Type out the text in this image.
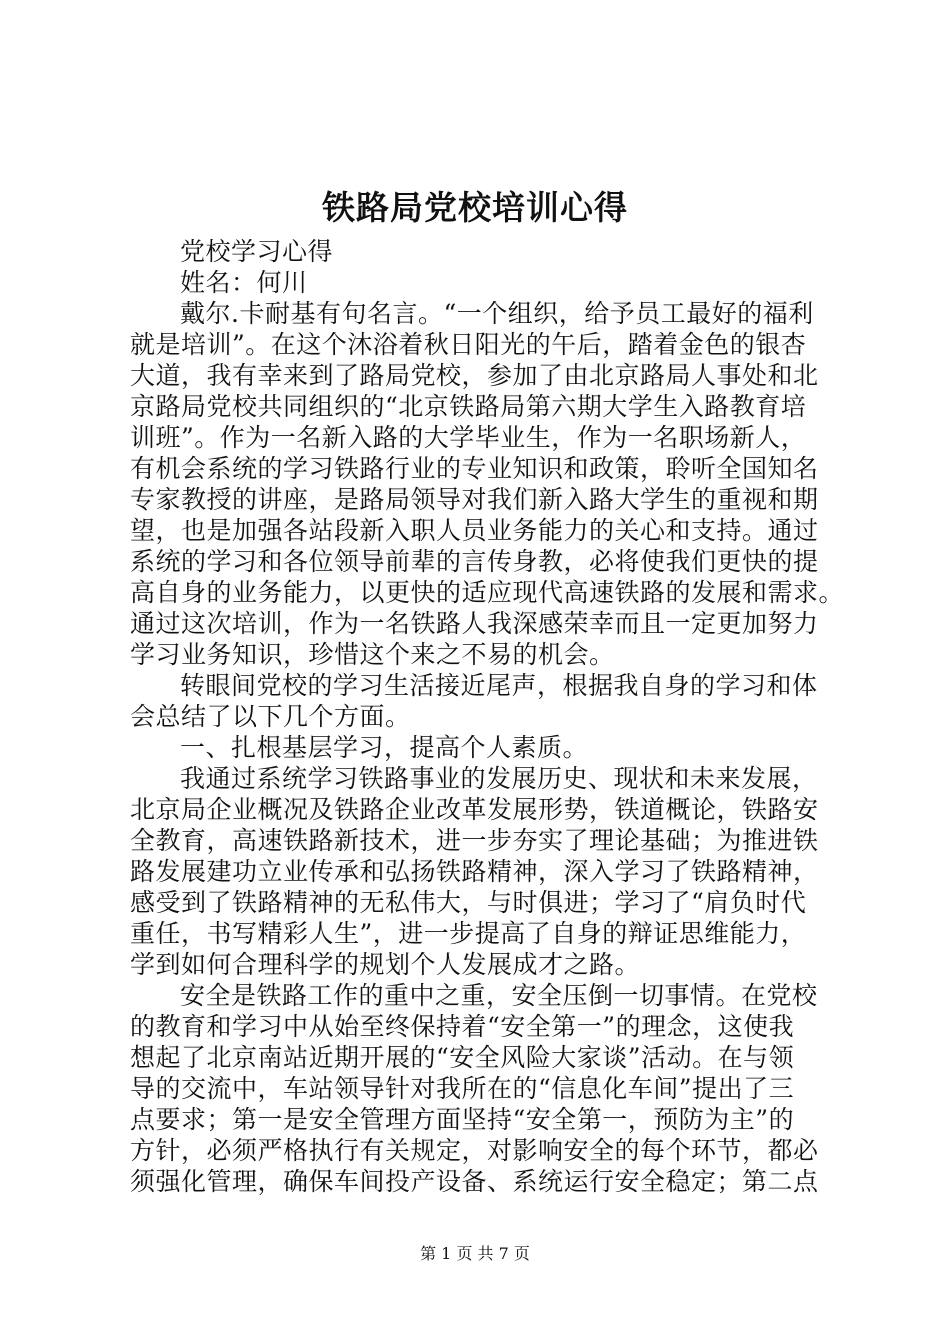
铁路局党校培训心得
党校学习心得
姓名：何川
戴尔.卡耐基有句名言。“一个组织，给予员工最好的福利
就是培训”。在这个沐浴着秋日阳光的午后，踏着金色的银杏
大道，我有幸来到了路局党校，参加了由北京路局人事处和北
京路局党校共同组织的“北京铁路局第六期大学生入路教育培
训班”。作为一名新入路的大学毕业生，作为一名职场新人，
有机会系统的学习铁路行业的专业知识和政策，聆听全国知名
专家教授的讲座，是路局领导对我们新入路大学生的重视和期
望，也是加强各站段新入职人员业务能力的关心和支持。通过
系统的学习和各位领导前辈的言传身教，必将使我们更快的提
高自身的业务能力，以更快的适应现代高速铁路的发展和需求。
通过这次培训，作为一名铁路人我深感荣幸而且一定更加努力
学习业务知识，珍惜这个来之不易的机会。
转眼间党校的学习生活接近尾声，根据我自身的学习和体
会总结了以下几个方面。
一、扎根基层学习，提高个人素质。
我通过系统学习铁路事业的发展历史、现状和未来发展，
北京局企业概况及铁路企业改革发展形势，铁道概论，铁路安
全教育，高速铁路新技术，进一步夯实了理论基础；为推进铁
路发展建功立业传承和弘扬铁路精神，深入学习了铁路精神，
感受到了铁路精神的无私伟大，与时俱进；学习了“肩负时代
重任，书写精彩人生”，进一步提高了自身的辩证思维能力，
学到如何合理科学的规划个人发展成才之路。
安全是铁路工作的重中之重，安全压倒一切事情。在党校
的教育和学习中从始至终保持着“安全第一”的理念，这使我
想起了北京南站近期开展的“安全风险大家谈”活动。在与领
导的交流中，车站领导针对我所在的“信息化车间”提出了三
点要求；第一是安全管理方面坚持“安全第一，预防为主”的
方针，必须严格执行有关规定，对影响安全的每个环节，都必
须强化管理，确保车间投产设备、系统运行安全稳定；第二点
第 1 页 共 7 页
